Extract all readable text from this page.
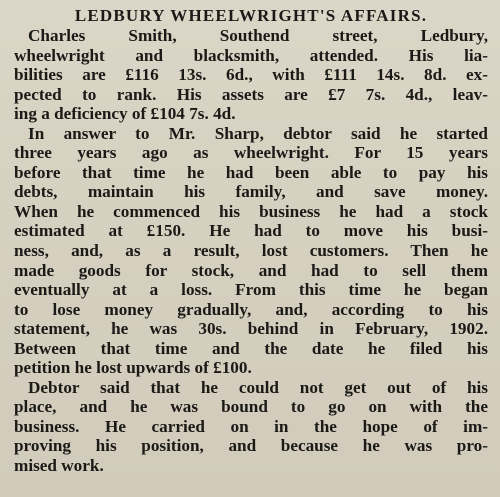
LEDBURY WHEELWRIGHT'S AFFAIRS.
Charles Smith, Southend street, Ledbury,
wheelwright and blacksmith, attended. His lia-
bilities are £116 13s. 6d., with £111 14s. 8d. ex-
pected to rank. His assets are £7 7s. 4d., leav-
ing a deficiency of £104 7s. 4d.
In answer to Mr. Sharp, debtor said he started
three years ago as wheelwright. For 15 years
before that time he had been able to pay his
debts, maintain his family, and save money.
When he commenced his business he had a stock
estimated at £150. He had to move his busi-
ness, and, as a result, lost customers. Then he
made goods for stock, and had to sell them
eventually at a loss. From this time he began
to lose money gradually, and, according to his
statement, he was 30s. behind in February, 1902.
Between that time and the date he filed his
petition he lost upwards of £100.
Debtor said that he could not get out of his
place, and he was bound to go on with the
business. He carried on in the hope of im-
proving his position, and because he was pro-
mised work.
